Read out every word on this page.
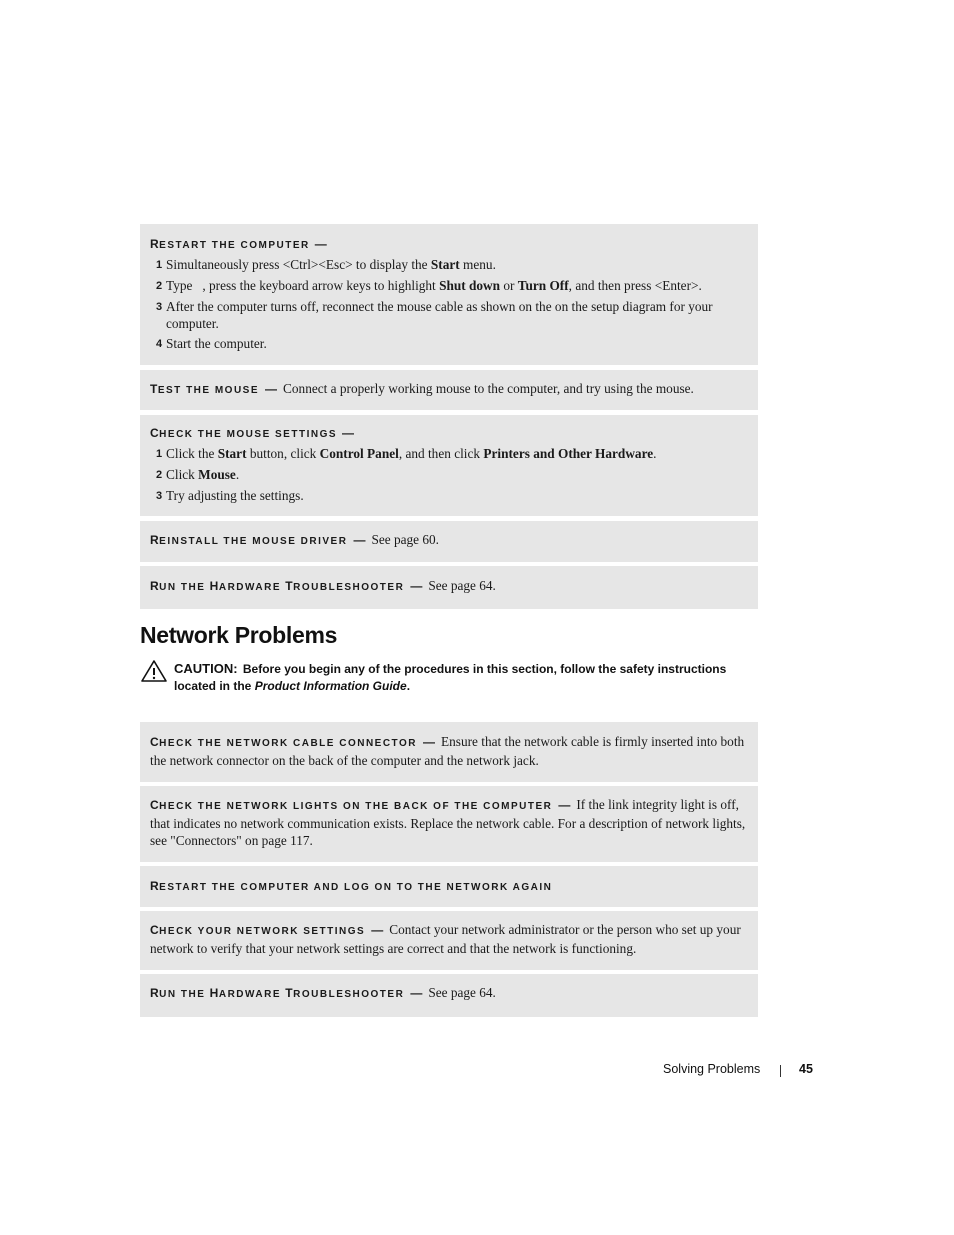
RESTART THE COMPUTER —
1 Simultaneously press <Ctrl><Esc> to display the Start menu.
2 Type   , press the keyboard arrow keys to highlight Shut down or Turn Off, and then press <Enter>.
3 After the computer turns off, reconnect the mouse cable as shown on the on the setup diagram for your computer.
4 Start the computer.
TEST THE MOUSE — Connect a properly working mouse to the computer, and try using the mouse.
CHECK THE MOUSE SETTINGS —
1 Click the Start button, click Control Panel, and then click Printers and Other Hardware.
2 Click Mouse.
3 Try adjusting the settings.
REINSTALL THE MOUSE DRIVER — See page 60.
RUN THE HARDWARE TROUBLESHOOTER — See page 64.
Network Problems
CAUTION: Before you begin any of the procedures in this section, follow the safety instructions located in the Product Information Guide.
CHECK THE NETWORK CABLE CONNECTOR — Ensure that the network cable is firmly inserted into both the network connector on the back of the computer and the network jack.
CHECK THE NETWORK LIGHTS ON THE BACK OF THE COMPUTER — If the link integrity light is off, that indicates no network communication exists. Replace the network cable. For a description of network lights, see "Connectors" on page 117.
RESTART THE COMPUTER AND LOG ON TO THE NETWORK AGAIN
CHECK YOUR NETWORK SETTINGS — Contact your network administrator or the person who set up your network to verify that your network settings are correct and that the network is functioning.
RUN THE HARDWARE TROUBLESHOOTER — See page 64.
Solving Problems	45
